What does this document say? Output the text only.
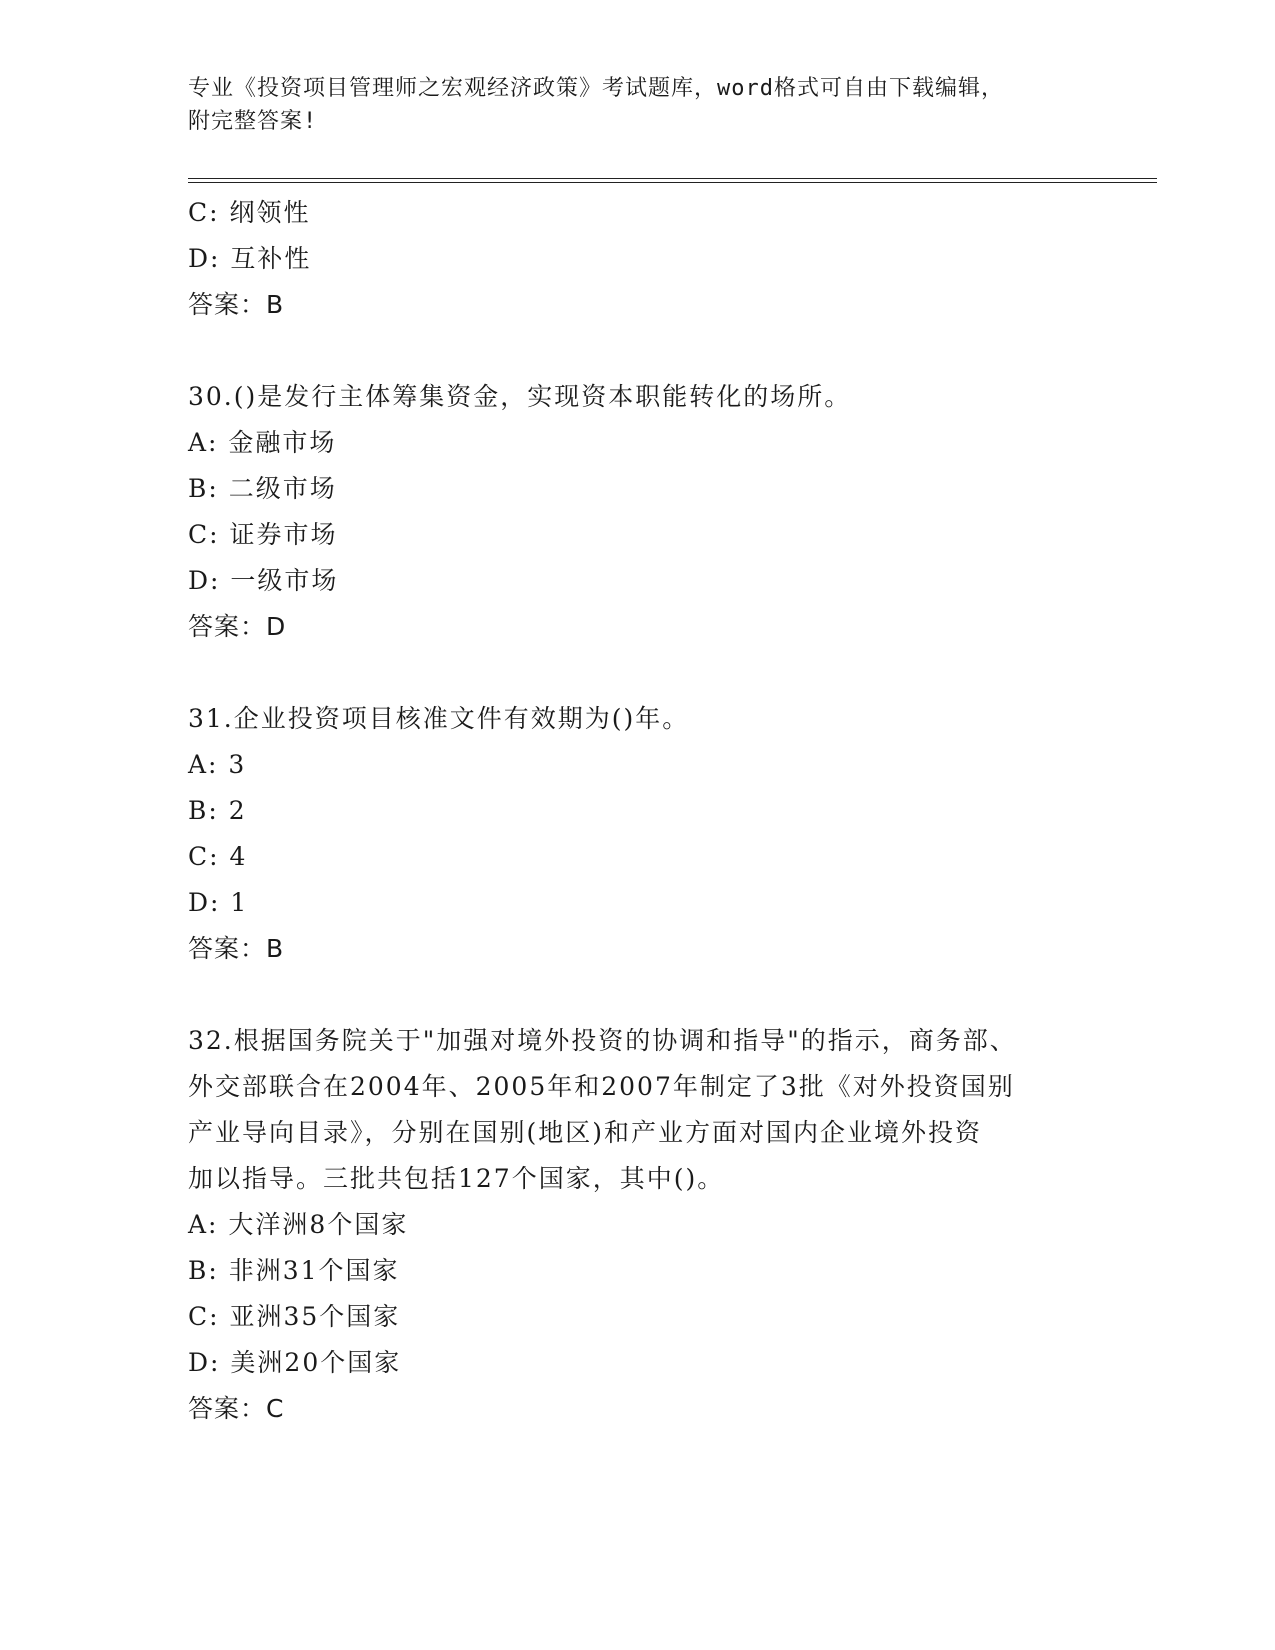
专业《投资项目管理师之宏观经济政策》考试题库，word格式可自由下载编辑，
附完整答案!
C: 纲领性
D: 互补性
答案：B
30.()是发行主体筹集资金，实现资本职能转化的场所。
A: 金融市场
B: 二级市场
C: 证券市场
D: 一级市场
答案：D
31.企业投资项目核准文件有效期为()年。
A: 3
B: 2
C: 4
D: 1
答案：B
32.根据国务院关于"加强对境外投资的协调和指导"的指示，商务部、
外交部联合在2004年、2005年和2007年制定了3批《对外投资国别
产业导向目录》，分别在国别(地区)和产业方面对国内企业境外投资
加以指导。三批共包括127个国家，其中()。
A: 大洋洲8个国家
B: 非洲31个国家
C: 亚洲35个国家
D: 美洲20个国家
答案：C
